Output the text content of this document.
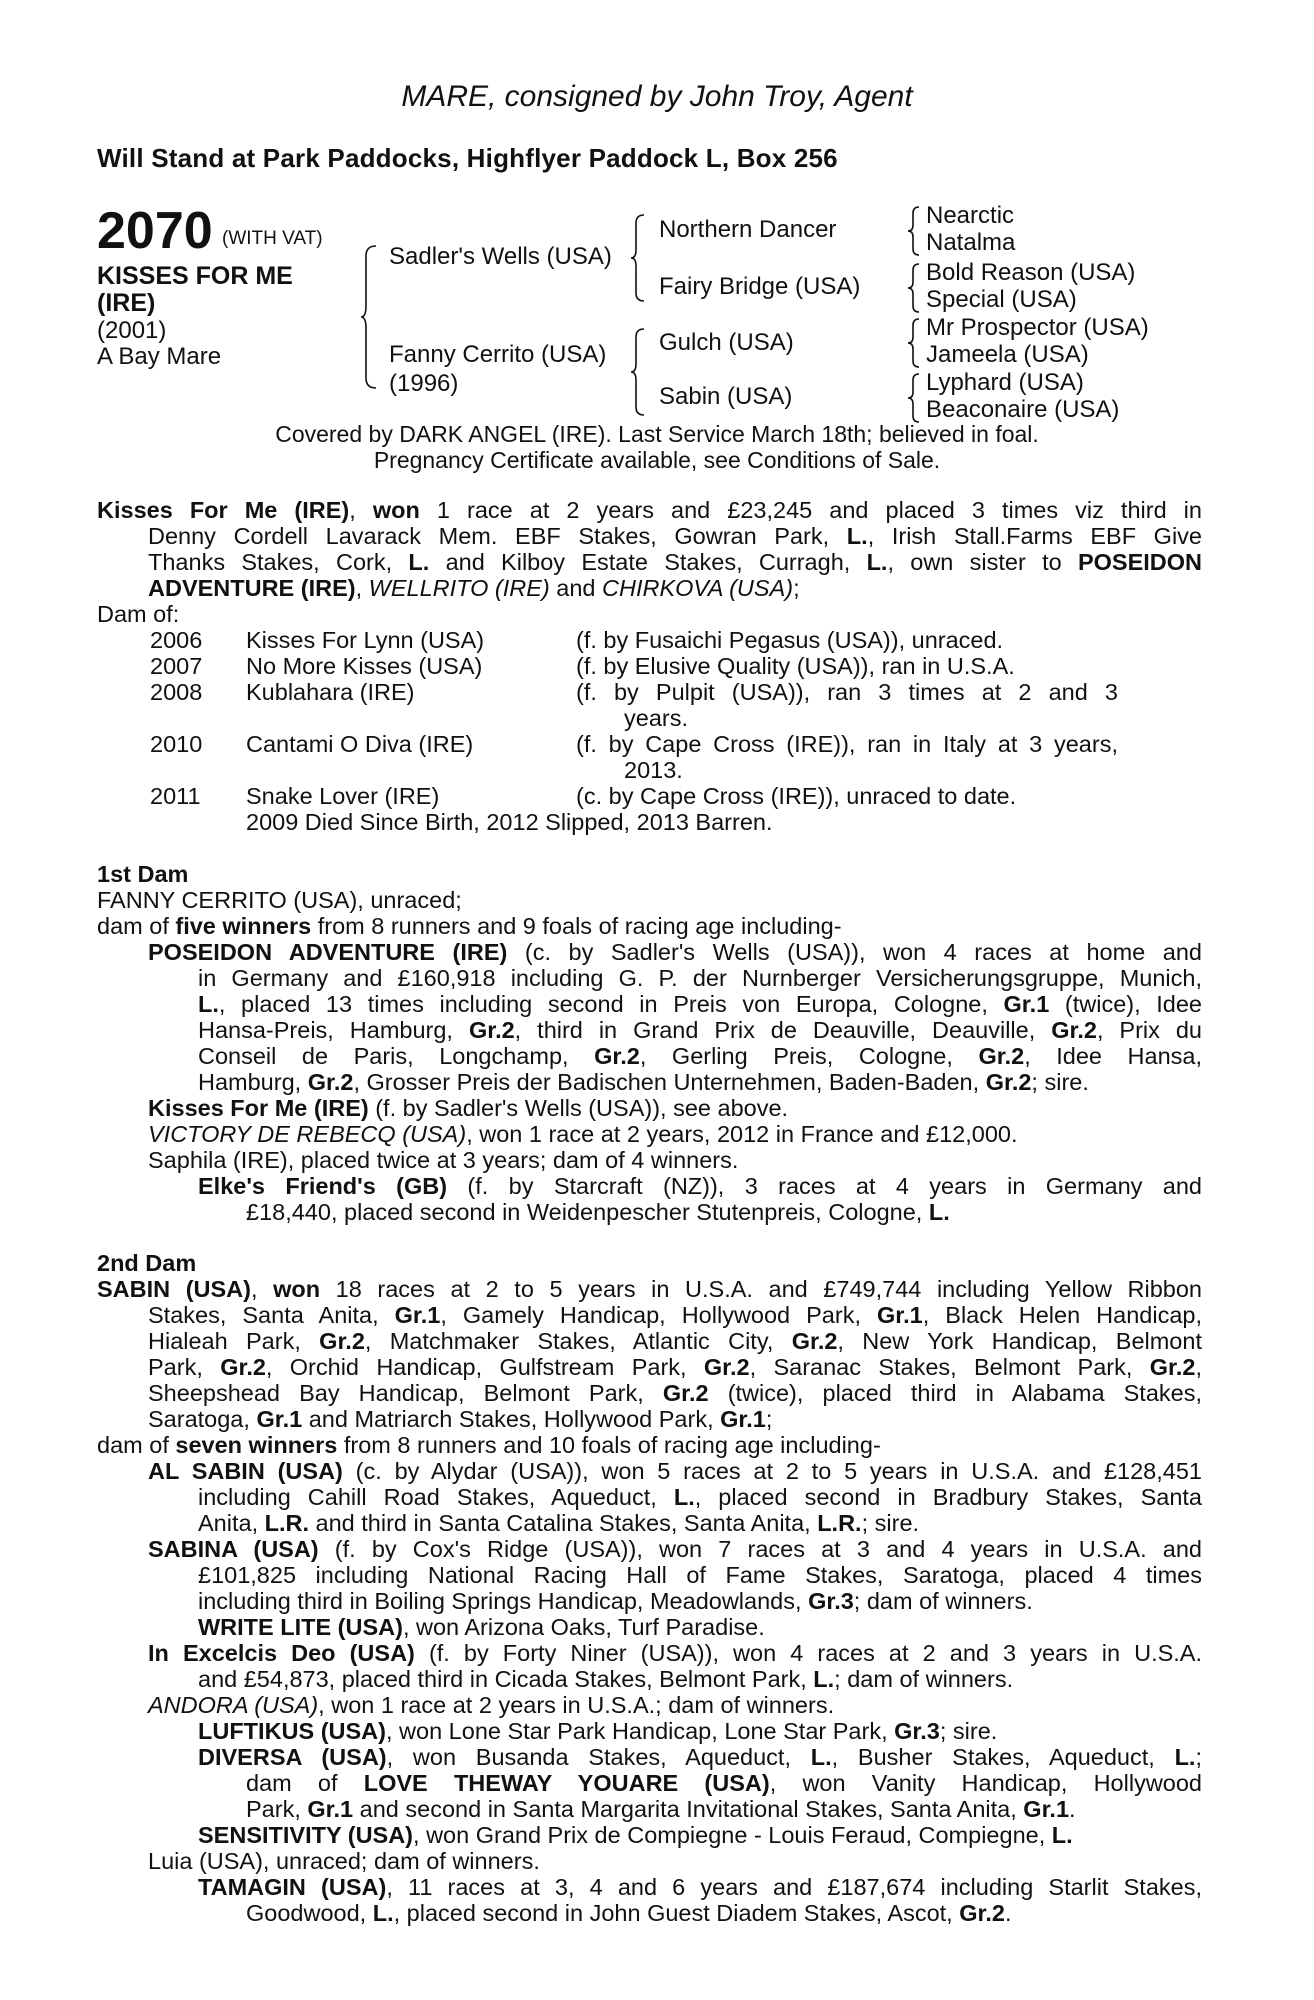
MARE, consigned by John Troy, Agent
Will Stand at Park Paddocks, Highflyer Paddock L, Box 256
2070 (WITH VAT)
KISSES FOR ME
(IRE)
(2001)
A Bay Mare
Sadler's Wells (USA)
Fanny Cerrito (USA)
(1996)
Northern Dancer
Fairy Bridge (USA)
Gulch (USA)
Sabin (USA)
Nearctic
Natalma
Bold Reason (USA)
Special (USA)
Mr Prospector (USA)
Jameela (USA)
Lyphard (USA)
Beaconaire (USA)
Covered by DARK ANGEL (IRE). Last Service March 18th; believed in foal.
Pregnancy Certificate available, see Conditions of Sale.
Kisses For Me (IRE), won 1 race at 2 years and £23,245 and placed 3 times viz third in
Denny Cordell Lavarack Mem. EBF Stakes, Gowran Park, L., Irish Stall.Farms EBF Give
Thanks Stakes, Cork, L. and Kilboy Estate Stakes, Curragh, L., own sister to POSEIDON
ADVENTURE (IRE), WELLRITO (IRE) and CHIRKOVA (USA);
Dam of:
2006 Kisses For Lynn (USA)	(f. by Fusaichi Pegasus (USA)), unraced.
2007 No More Kisses (USA)	(f. by Elusive Quality (USA)), ran in U.S.A.
2008 Kublahara (IRE)	(f. by Pulpit (USA)), ran 3 times at 2 and 3
years.
2010 Cantami O Diva (IRE)	(f. by Cape Cross (IRE)), ran in Italy at 3 years,
2013.
2011 Snake Lover (IRE)	(c. by Cape Cross (IRE)), unraced to date.
2009 Died Since Birth, 2012 Slipped, 2013 Barren.
1st Dam
FANNY CERRITO (USA), unraced;
dam of five winners from 8 runners and 9 foals of racing age including-
POSEIDON ADVENTURE (IRE) (c. by Sadler's Wells (USA)), won 4 races at home and
in Germany and £160,918 including G. P. der Nurnberger Versicherungsgruppe, Munich,
L., placed 13 times including second in Preis von Europa, Cologne, Gr.1 (twice), Idee
Hansa-Preis, Hamburg, Gr.2, third in Grand Prix de Deauville, Deauville, Gr.2, Prix du
Conseil de Paris, Longchamp, Gr.2, Gerling Preis, Cologne, Gr.2, Idee Hansa,
Hamburg, Gr.2, Grosser Preis der Badischen Unternehmen, Baden-Baden, Gr.2; sire.
Kisses For Me (IRE) (f. by Sadler's Wells (USA)), see above.
VICTORY DE REBECQ (USA), won 1 race at 2 years, 2012 in France and £12,000.
Saphila (IRE), placed twice at 3 years; dam of 4 winners.
Elke's Friend's (GB) (f. by Starcraft (NZ)), 3 races at 4 years in Germany and
£18,440, placed second in Weidenpescher Stutenpreis, Cologne, L.
2nd Dam
SABIN (USA), won 18 races at 2 to 5 years in U.S.A. and £749,744 including Yellow Ribbon
Stakes, Santa Anita, Gr.1, Gamely Handicap, Hollywood Park, Gr.1, Black Helen Handicap,
Hialeah Park, Gr.2, Matchmaker Stakes, Atlantic City, Gr.2, New York Handicap, Belmont
Park, Gr.2, Orchid Handicap, Gulfstream Park, Gr.2, Saranac Stakes, Belmont Park, Gr.2,
Sheepshead Bay Handicap, Belmont Park, Gr.2 (twice), placed third in Alabama Stakes,
Saratoga, Gr.1 and Matriarch Stakes, Hollywood Park, Gr.1;
dam of seven winners from 8 runners and 10 foals of racing age including-
AL SABIN (USA) (c. by Alydar (USA)), won 5 races at 2 to 5 years in U.S.A. and £128,451
including Cahill Road Stakes, Aqueduct, L., placed second in Bradbury Stakes, Santa
Anita, L.R. and third in Santa Catalina Stakes, Santa Anita, L.R.; sire.
SABINA (USA) (f. by Cox's Ridge (USA)), won 7 races at 3 and 4 years in U.S.A. and
£101,825 including National Racing Hall of Fame Stakes, Saratoga, placed 4 times
including third in Boiling Springs Handicap, Meadowlands, Gr.3; dam of winners.
WRITE LITE (USA), won Arizona Oaks, Turf Paradise.
In Excelcis Deo (USA) (f. by Forty Niner (USA)), won 4 races at 2 and 3 years in U.S.A.
and £54,873, placed third in Cicada Stakes, Belmont Park, L.; dam of winners.
ANDORA (USA), won 1 race at 2 years in U.S.A.; dam of winners.
LUFTIKUS (USA), won Lone Star Park Handicap, Lone Star Park, Gr.3; sire.
DIVERSA (USA), won Busanda Stakes, Aqueduct, L., Busher Stakes, Aqueduct, L.;
dam of LOVE THEWAY YOUARE (USA), won Vanity Handicap, Hollywood
Park, Gr.1 and second in Santa Margarita Invitational Stakes, Santa Anita, Gr.1.
SENSITIVITY (USA), won Grand Prix de Compiegne - Louis Feraud, Compiegne, L.
Luia (USA), unraced; dam of winners.
TAMAGIN (USA), 11 races at 3, 4 and 6 years and £187,674 including Starlit Stakes,
Goodwood, L., placed second in John Guest Diadem Stakes, Ascot, Gr.2.
